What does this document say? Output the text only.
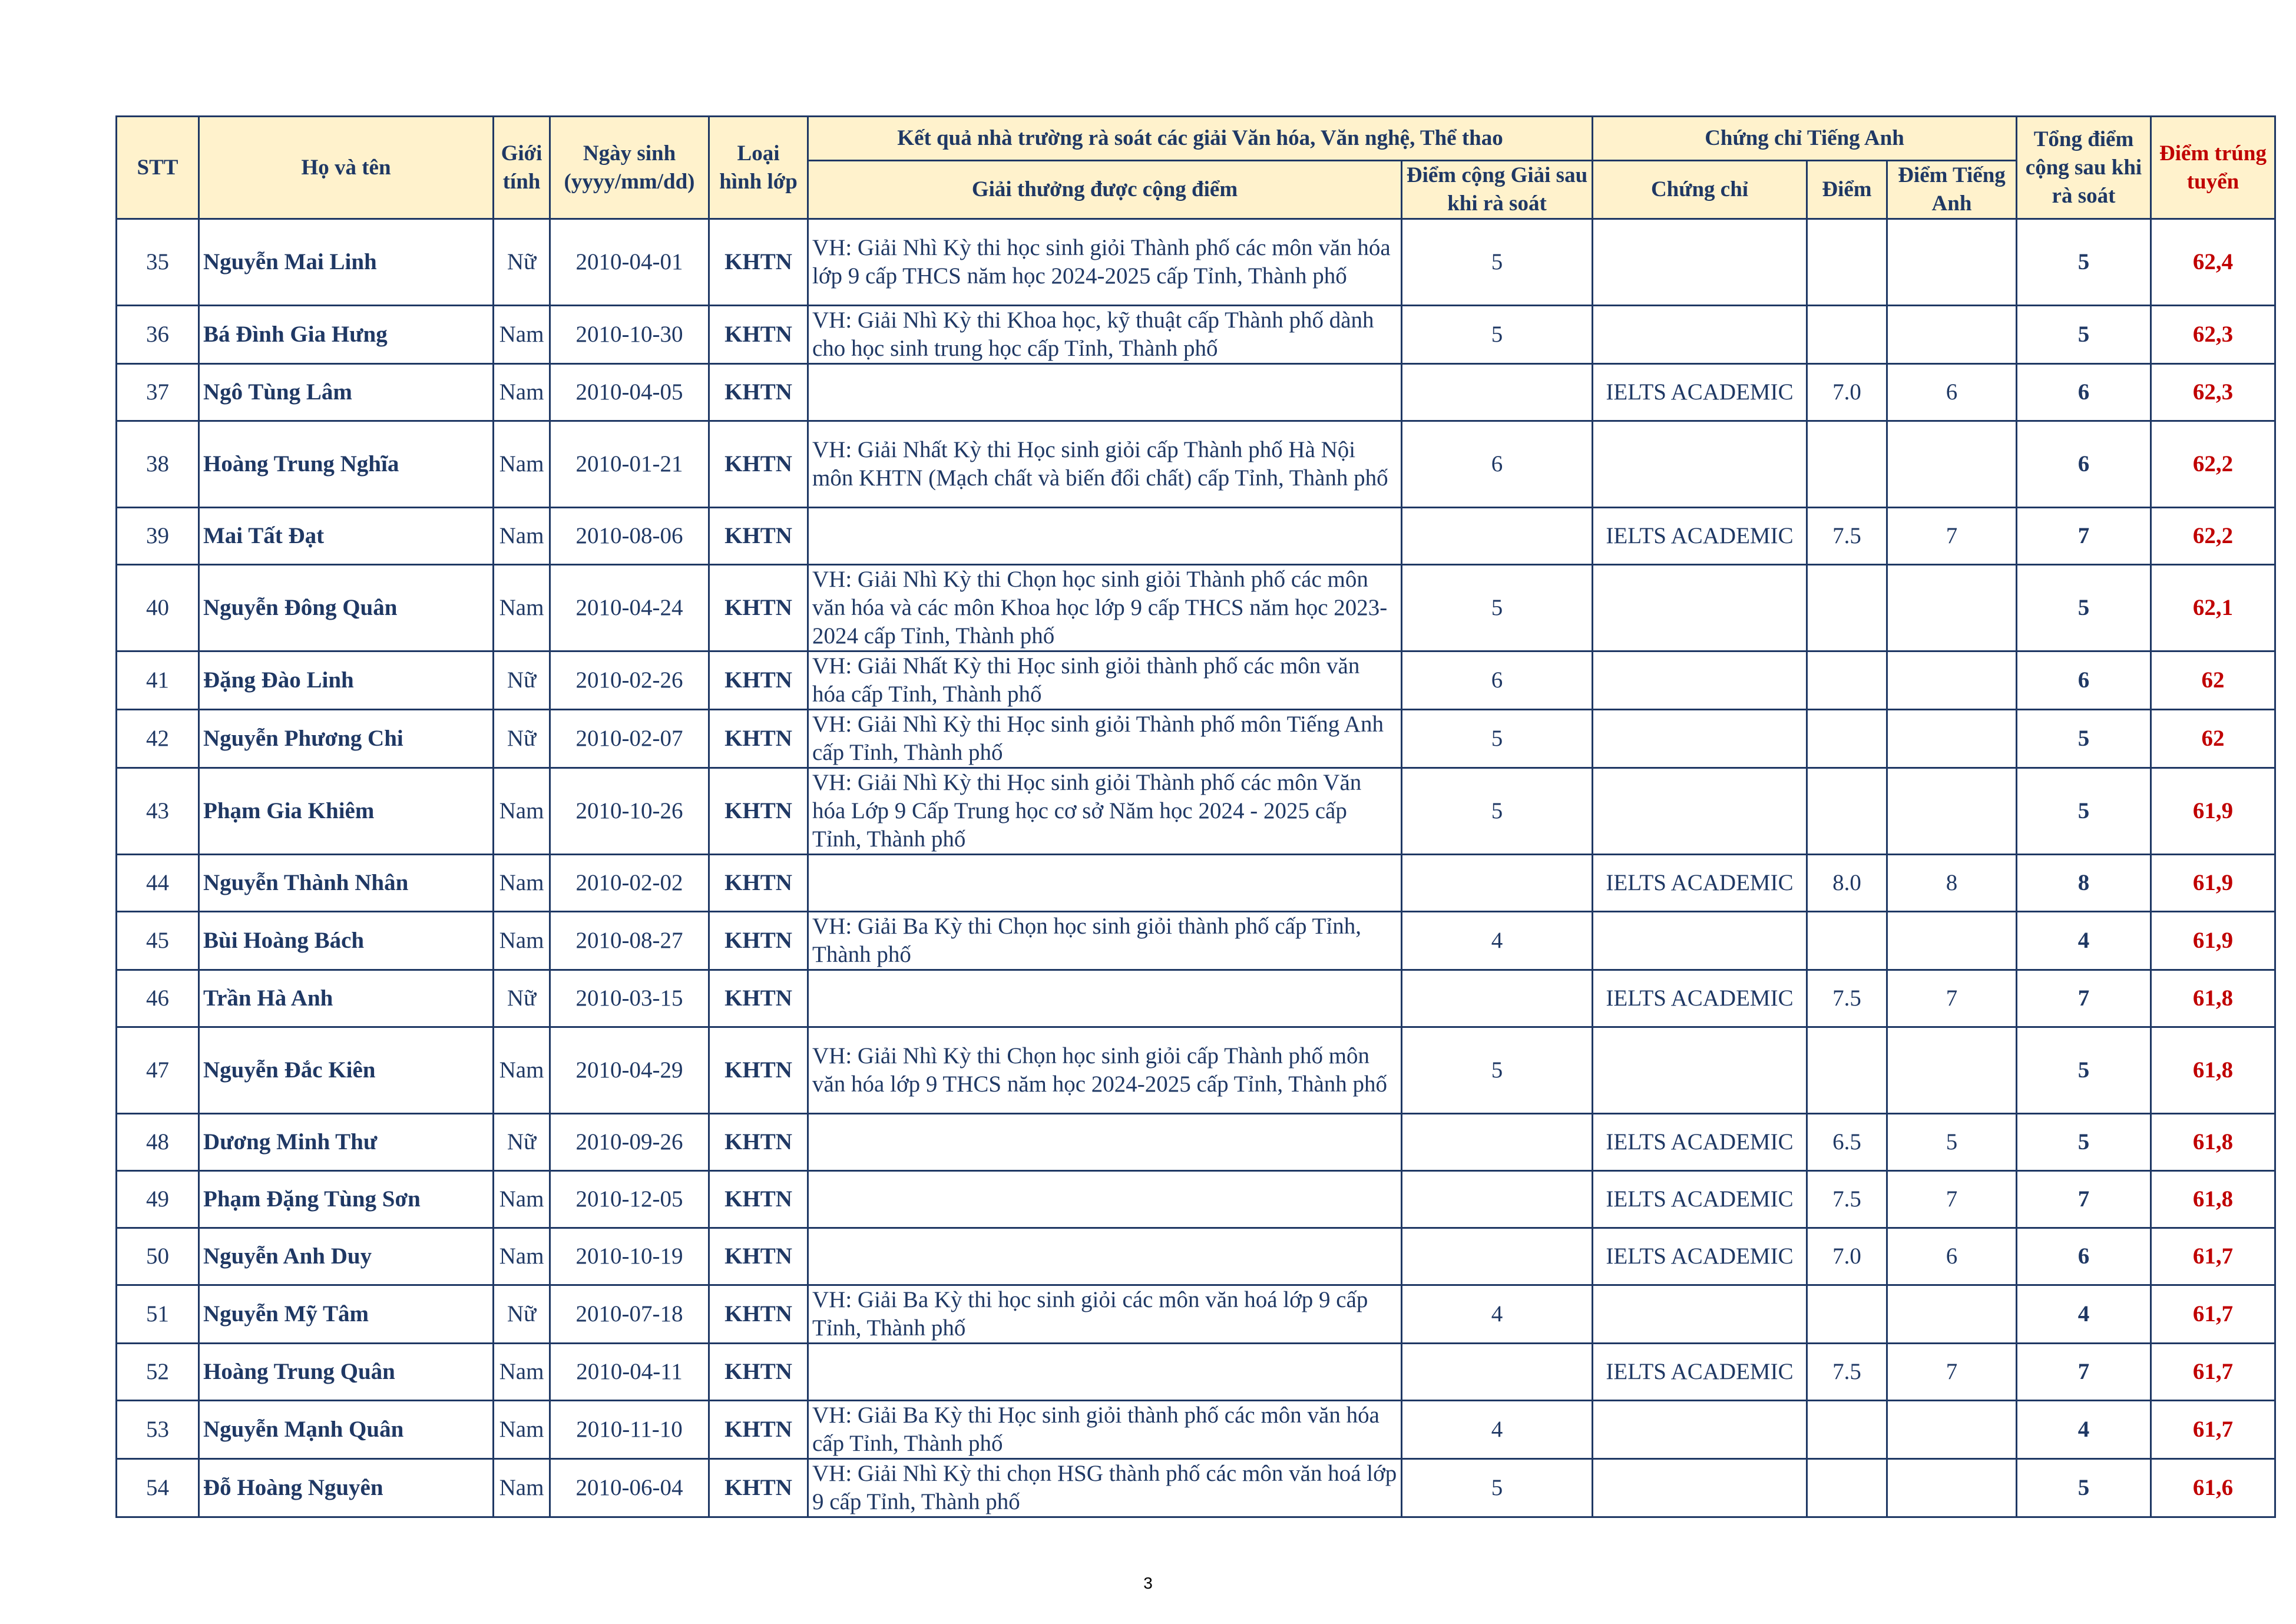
STT	Họ và tên	Giới tính	Ngày sinh (yyyy/mm/dd)	Loại hình lớp	Kết quả nhà trường rà soát các giải Văn hóa, Văn nghệ, Thể thao		Chứng chỉ Tiếng Anh			Tổng điểm cộng sau khi rà soát	Điểm trúng tuyển
					Giải thưởng được cộng điểm	Điểm cộng Giải sau khi rà soát	Chứng chỉ	Điểm	Điểm Tiếng Anh		
35	Nguyễn Mai Linh	Nữ	2010-04-01	KHTN	VH: Giải Nhì Kỳ thi học sinh giỏi Thành phố các môn văn hóa lớp 9 cấp THCS năm học 2024-2025 cấp Tỉnh, Thành phố	5				5	62,4
36	Bá Đình Gia Hưng	Nam	2010-10-30	KHTN	VH: Giải Nhì Kỳ thi Khoa học, kỹ thuật cấp Thành phố dành cho học sinh trung học cấp Tỉnh, Thành phố	5				5	62,3
37	Ngô Tùng Lâm	Nam	2010-04-05	KHTN			IELTS ACADEMIC	7.0	6	6	62,3
38	Hoàng Trung Nghĩa	Nam	2010-01-21	KHTN	VH: Giải Nhất Kỳ thi Học sinh giỏi cấp Thành phố Hà Nội môn KHTN (Mạch chất và biến đổi chất) cấp Tỉnh, Thành phố	6				6	62,2
39	Mai Tất Đạt	Nam	2010-08-06	KHTN			IELTS ACADEMIC	7.5	7	7	62,2
40	Nguyễn Đông Quân	Nam	2010-04-24	KHTN	VH: Giải Nhì Kỳ thi Chọn học sinh giỏi Thành phố các môn văn hóa và các môn Khoa học lớp 9 cấp THCS năm học 2023-2024 cấp Tỉnh, Thành phố	5				5	62,1
41	Đặng Đào Linh	Nữ	2010-02-26	KHTN	VH: Giải Nhất Kỳ thi Học sinh giỏi thành phố các môn văn hóa cấp Tỉnh, Thành phố	6				6	62
42	Nguyễn Phương Chi	Nữ	2010-02-07	KHTN	VH: Giải Nhì Kỳ thi Học sinh giỏi Thành phố môn Tiếng Anh cấp Tỉnh, Thành phố	5				5	62
43	Phạm Gia Khiêm	Nam	2010-10-26	KHTN	VH: Giải Nhì Kỳ thi Học sinh giỏi Thành phố các môn Văn hóa Lớp 9 Cấp Trung học cơ sở Năm học 2024 - 2025 cấp Tỉnh, Thành phố	5				5	61,9
44	Nguyễn Thành Nhân	Nam	2010-02-02	KHTN			IELTS ACADEMIC	8.0	8	8	61,9
45	Bùi Hoàng Bách	Nam	2010-08-27	KHTN	VH: Giải Ba Kỳ thi Chọn học sinh giỏi thành phố cấp Tỉnh, Thành phố	4				4	61,9
46	Trần Hà Anh	Nữ	2010-03-15	KHTN			IELTS ACADEMIC	7.5	7	7	61,8
47	Nguyễn Đắc Kiên	Nam	2010-04-29	KHTN	VH: Giải Nhì Kỳ thi Chọn học sinh giỏi cấp Thành phố môn văn hóa lớp 9 THCS năm học 2024-2025 cấp Tỉnh, Thành phố	5				5	61,8
48	Dương Minh Thư	Nữ	2010-09-26	KHTN			IELTS ACADEMIC	6.5	5	5	61,8
49	Phạm Đặng Tùng Sơn	Nam	2010-12-05	KHTN			IELTS ACADEMIC	7.5	7	7	61,8
50	Nguyễn Anh Duy	Nam	2010-10-19	KHTN			IELTS ACADEMIC	7.0	6	6	61,7
51	Nguyễn Mỹ Tâm	Nữ	2010-07-18	KHTN	VH: Giải Ba Kỳ thi học sinh giỏi các môn văn hoá lớp 9 cấp Tỉnh, Thành phố	4				4	61,7
52	Hoàng Trung Quân	Nam	2010-04-11	KHTN			IELTS ACADEMIC	7.5	7	7	61,7
53	Nguyễn Mạnh Quân	Nam	2010-11-10	KHTN	VH: Giải Ba Kỳ thi Học sinh giỏi thành phố các môn văn hóa cấp Tỉnh, Thành phố	4				4	61,7
54	Đỗ Hoàng Nguyên	Nam	2010-06-04	KHTN	VH: Giải Nhì Kỳ thi chọn HSG thành phố các môn văn hoá lớp 9 cấp Tỉnh, Thành phố	5				5	61,6
3
